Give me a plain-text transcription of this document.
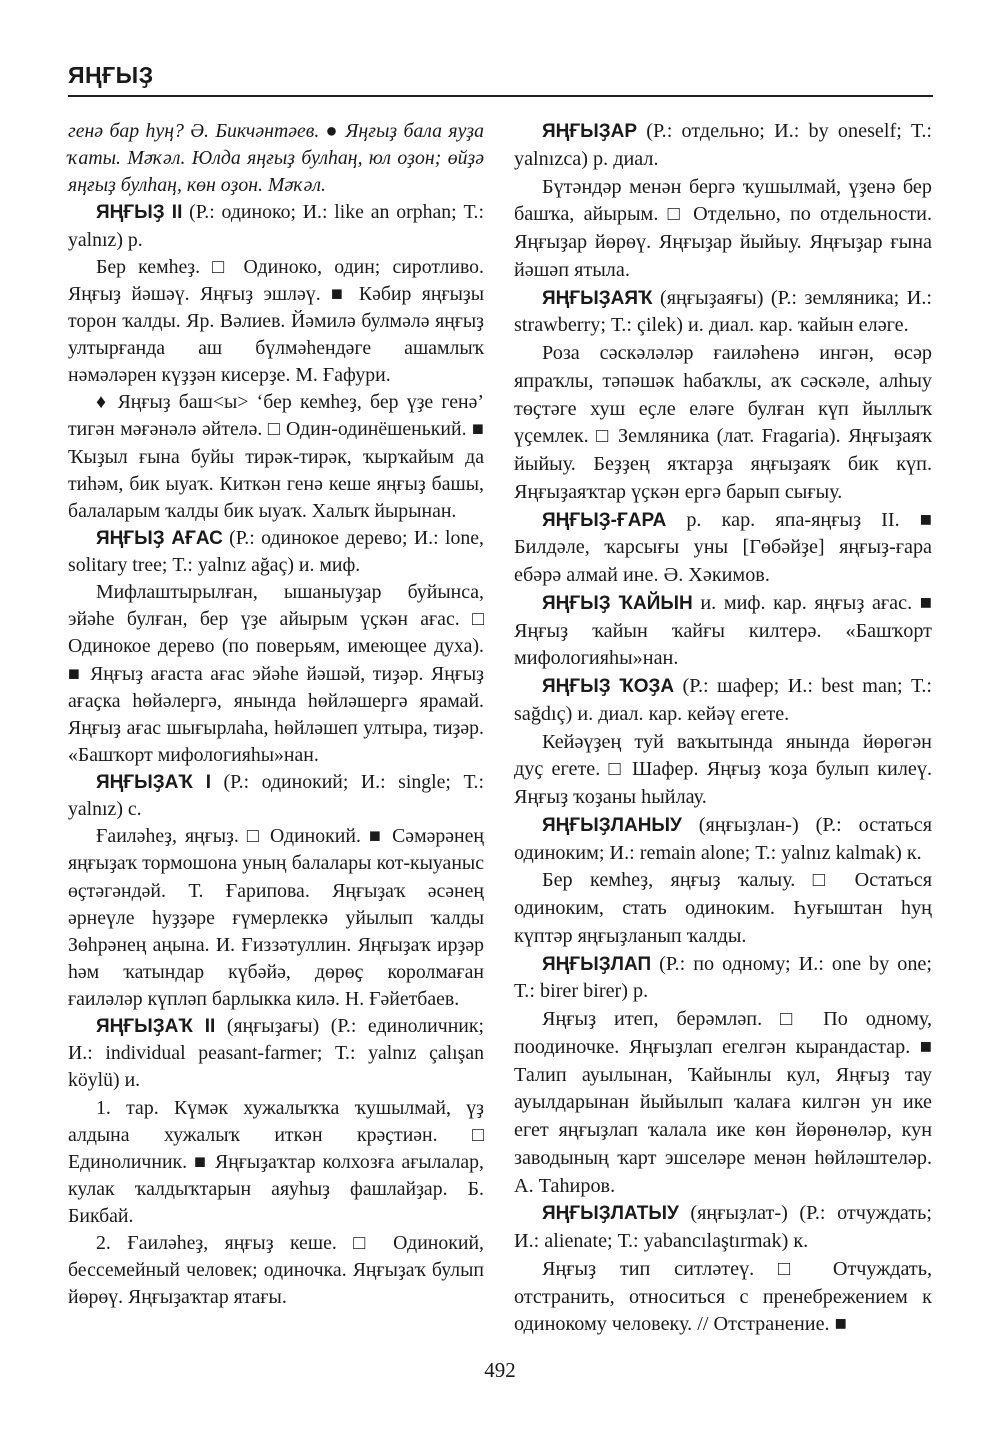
ЯҢҒЫҘ

генә бар һуң? Ә. Бикчәнтәев. ● Яңғыҙ бала яуҙа ҡаты. Мәҡәл. Юлда яңғыҙ булһаң, юл оҙон; өйҙә яңғыҙ булһаң, көн оҙон. Мәҡәл.

ЯҢҒЫҘ II (Р.: одиноко; И.: like an orphan; Т.: yalnız) р.

Бер кемһеҙ. □ Одиноко, один; сиротливо. Яңғыҙ йәшәү. Яңғыҙ эшләү. ■ Кәбир яңғыҙы торон ҡалды. Яр. Вәлиев. Йәмилә булмәлә яңғыҙ ултырғанда аш бүлмәһендәге ашамлыҡ нәмәләрен күҙҙән кисерҙе. М. Ғафури.

♦ Яңғыҙ баш<ы> ‘бер кемһеҙ, бер үҙе генә’ тигән мәғәнәлә әйтелә. □ Один-одинёшенький. ■ Ҡыҙыл ғына буйы тирәк-тирәк, ҡырҡайым да тиһәм, бик ыуаҡ. Киткән генә кеше яңғыҙ башы, балаларым ҡалды бик ыуаҡ. Халыҡ йырынан.

ЯҢҒЫҘ АҒАС (Р.: одинокое дерево; И.: lone, solitary tree; Т.: yalnız ağaç) и. миф.

Мифлаштырылған, ышаныуҙар буйынса, эйәһе булған, бер үҙе айырым үҫкән ағас. □ Одинокое дерево (по поверьям, имеющее духа). ■ Яңғыҙ ағаста ағас эйәһе йәшәй, тиҙәр. Яңғыҙ ағаҫка һөйәлергә, янында һөйләшергә ярамай. Яңғыҙ ағас шығырлаһа, һөйләшеп ултыра, тиҙәр. «Башҡорт мифологияһы»нан.

ЯҢҒЫҘАҠ I (Р.: одинокий; И.: single; Т.: yalnız) с.

Ғаиләһеҙ, яңғыҙ. □ Одинокий. ■ Сәмәрәнең яңғыҙаҡ тормошона уның балалары кот-кыуаныс өҫтәгәндәй. Т. Ғарипова. Яңғыҙаҡ әсәнең әрнеүле һуҙҙәре ғүмерлеккә уйылып ҡалды Зөһрәнең аңына. И. Ғиззәтуллин. Яңғыҙаҡ ирҙәр һәм ҡатындар күбәйә, дөрөҫ королмаған ғаиләләр күпләп барлыкка килә. Н. Ғәйетбаев.

ЯҢҒЫҘАҠ II (яңғыҙағы) (Р.: единоличник; И.: individual peasant-farmer; Т.: yalnız çalışan köylü) и.

1. тар. Күмәк хужалыҡҡа ҡушылмай, үҙ алдына хужалыҡ иткән крәҫтиән. □ Единоличник. ■ Яңғыҙаҡтар колхозға ағылалар, кулак ҡалдыҡтарын аяуһыҙ фашлайҙар. Б. Бикбай.

2. Ғаиләһеҙ, яңғыҙ кеше. □ Одинокий, бессемейный человек; одиночка. Яңғыҙаҡ булып йөрөү. Яңғыҙаҡтар ятағы.

ЯҢҒЫҘАР (Р.: отдельно; И.: by oneself; Т.: yalnızca) р. диал.

Бүтәндәр менән бергә ҡушылмай, үҙенә бер башҡа, айырым. □ Отдельно, по отдельности. Яңғыҙар йөрөү. Яңғыҙар йыйыу. Яңғыҙар ғына йәшәп ятыла.

ЯҢҒЫҘАЯҠ (яңғыҙаяғы) (Р.: земляника; И.: strawberry; Т.: çilek) и. диал. кар. ҡайын еләге.

Роза сәскәләләр ғаиләһенә ингән, өсәр япраҡлы, тәпәшәк һабаҡлы, аҡ сәскәле, алһыу төҫтәге хуш еҫле еләге булған күп йыллыҡ үҫемлек. □ Земляника (лат. Fragaria). Яңғыҙаяҡ йыйыу. Беҙҙең яҡтарҙа яңғыҙаяҡ бик күп. Яңғыҙаяҡтар үҫкән ергә барып сығыу.

ЯҢҒЫҘ-ҒАРА р. кар. япа-яңғыҙ II. ■ Билдәле, ҡарсығы уны [Гөбәйҙе] яңғыҙ-ғара ебәрә алмай ине. Ә. Хәкимов.

ЯҢҒЫҘ ҠАЙЫН и. миф. кар. яңғыҙ ағас. ■ Яңғыҙ ҡайын ҡайғы килтерә. «Башҡорт мифологияһы»нан.

ЯҢҒЫҘ ҠОҘА (Р.: шафер; И.: best man; Т.: sağdıç) и. диал. кар. кейәү егете.

Кейәүҙең туй ваҡытында янында йөрөгән дуҫ егете. □ Шафер. Яңғыҙ ҡоҙа булып килеү. Яңғыҙ ҡоҙаны һыйлау.

ЯҢҒЫҘЛАНЫУ (яңғыҙлан-) (Р.: остаться одиноким; И.: remain alone; Т.: yalnız kalmak) к.

Бер кемһеҙ, яңғыҙ ҡалыу. □ Остаться одиноким, стать одиноким. Һуғыштан һуң күптәр яңғыҙланып ҡалды.

ЯҢҒЫҘЛАП (Р.: по одному; И.: one by one; Т.: birer birer) р.

Яңғыҙ итеп, берәмләп. □ По одному, поодиночке. Яңғыҙлап егелгән кырандастар. ■ Талип ауылынан, Ҡайынлы кул, Яңғыҙ тау ауылдарынан йыйылып ҡалаға килгән ун ике егет яңғыҙлап ҡалала ике көн йөрөнөләр, кун заводының ҡарт эшселәре менән һөйләштеләр. А. Таһиров.

ЯҢҒЫҘЛАТЫУ (яңғыҙлат-) (Р.: отчуждать; И.: alienate; Т.: yabancılaştırmak) к.

Яңғыҙ тип ситләтеү. □ Отчуждать, отстранить, относиться с пренебрежением к одинокому человеку. // Отстранение. ■

492
